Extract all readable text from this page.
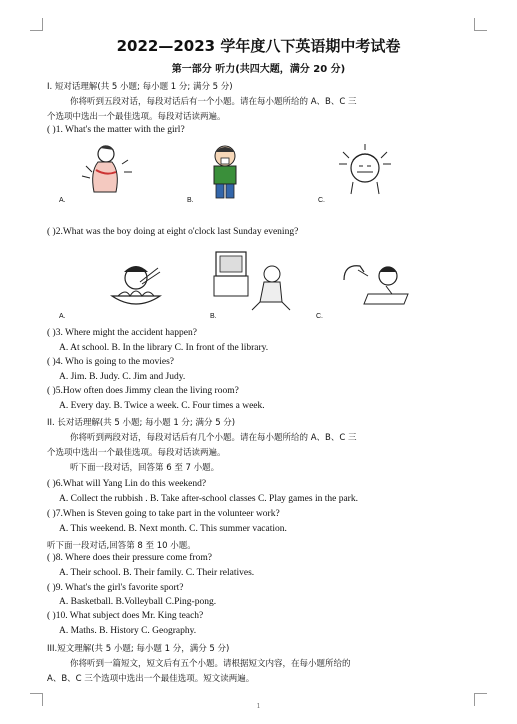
2022—2023 学年度八下英语期中考试卷
第一部分 听力(共四大题，满分 20 分)
I. 短对话理解(共 5 小题; 每小题 1 分; 满分 5 分)
你将听到五段对话，每段对话后有一个小题。请在每小题所给的 A、B、C 三
个选项中选出一个最佳选项。每段对话读两遍。
( )1. What's the matter with the girl?
A.	B.	C.
( )2.What was the boy doing at eight o'clock last Sunday evening?
A.	B.	C.
( )3. Where might the accident happen?
A. At school. B. In the library C. In front of the library.
( )4. Who is going to the movies?
A. Jim. B. Judy. C. Jim and Judy.
( )5.How often does Jimmy clean the living room?
A. Every day. B. Twice a week. C. Four times a week.
II. 长对话理解(共 5 小题; 每小题 1 分; 满分 5 分)
你将听到两段对话，每段对话后有几个小题。请在每小题所给的 A、B、C 三
个选项中选出一个最佳选项。每段对话读两遍。
听下面一段对话，回答第 6 至 7 小题。
( )6.What will Yang Lin do this weekend?
A. Collect the rubbish . B. Take after-school classes C. Play games in the park.
( )7.When is Steven going to take part in the volunteer work?
A. This weekend. B. Next month. C. This summer vacation.
听下面一段对话,回答第 8 至 10 小题。
( )8. Where does their pressure come from?
A. Their school. B. Their family. C. Their relatives.
( )9. What's the girl's favorite sport?
A. Basketball. B.Volleyball C.Ping-pong.
( )10. What subject does Mr. King teach?
A. Maths. B. History C. Geography.
III.短文理解(共 5 小题; 每小题 1 分，满分 5 分)
你将听到一篇短文，短文后有五个小题。请根据短文内容，在每小题所给的
A、B、C 三个选项中选出一个最佳选项。短文读两遍。
1
